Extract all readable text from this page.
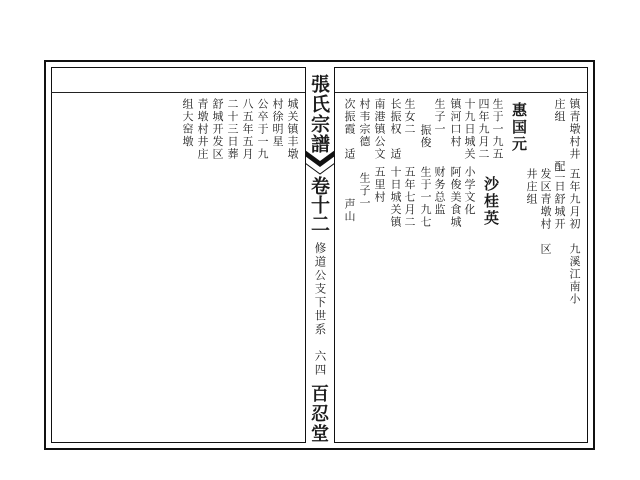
張氏宗譜
卷十二
修道公支下世系　六四
百忍堂
镇青墩村井
庄组　　　配
五年九月初　九溪江南小
二日舒城开
发区青墩村　区
井庄组
惠国元
生于一九五
四年九月二
十九日城关
镇河口村
生子一
振俊
生女二
长振权　适
南港镇公文
村韦宗德
次振霞　适
沙桂英
小学文化
阿俊美食城
财务总监
生于一九七
五年七月二
十日城关镇
五里村
生子一
声山
城关镇丰墩
村徐明星
公卒于一九
八五年五月
二十三日葬
舒城开发区
青墩村井庄
组大窑墩
